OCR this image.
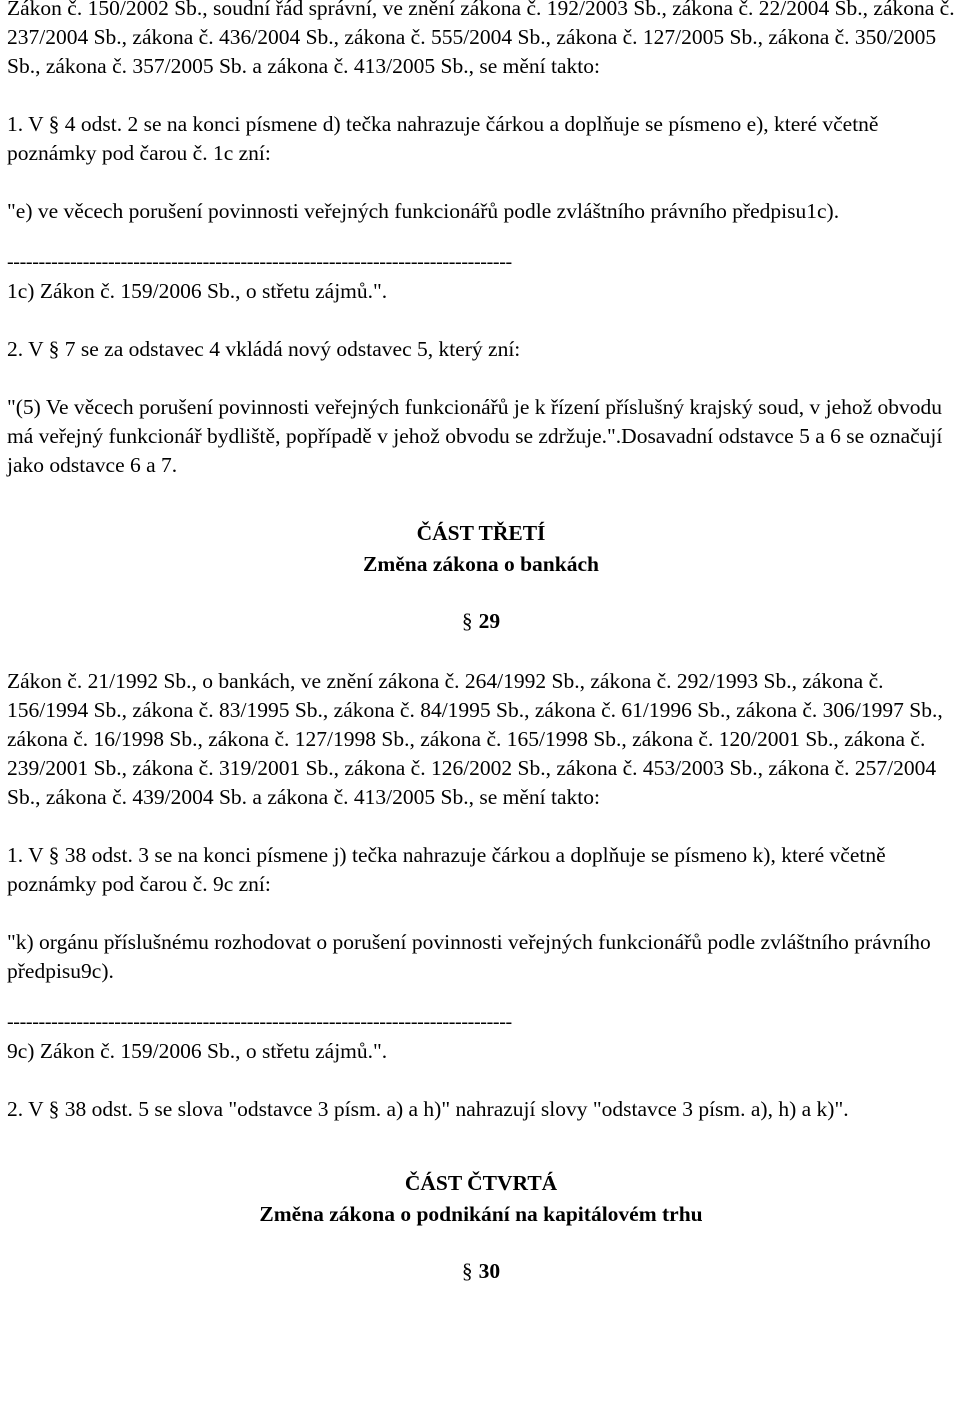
Zákon č. 150/2002 Sb., soudní řád správní, ve znění zákona č. 192/2003 Sb., zákona č. 22/2004 Sb., zákona č. 237/2004 Sb., zákona č. 436/2004 Sb., zákona č. 555/2004 Sb., zákona č. 127/2005 Sb., zákona č. 350/2005 Sb., zákona č. 357/2005 Sb. a zákona č. 413/2005 Sb., se mění takto:

1. V § 4 odst. 2 se na konci písmene d) tečka nahrazuje čárkou a doplňuje se písmeno e), které včetně poznámky pod čarou č. 1c zní:

"e) ve věcech porušení povinnosti veřejných funkcionářů podle zvláštního právního předpisu1c).

--------------------------------------------------------------------------------

1c) Zákon č. 159/2006 Sb., o střetu zájmů.".

2. V § 7 se za odstavec 4 vkládá nový odstavec 5, který zní:

"(5) Ve věcech porušení povinnosti veřejných funkcionářů je k řízení příslušný krajský soud, v jehož obvodu má veřejný funkcionář bydliště, popřípadě v jehož obvodu se zdržuje.".Dosavadní odstavce 5 a 6 se označují jako odstavce 6 a 7.

ČÁST TŘETÍ

Změna zákona o bankách

§ 29

Zákon č. 21/1992 Sb., o bankách, ve znění zákona č. 264/1992 Sb., zákona č. 292/1993 Sb., zákona č. 156/1994 Sb., zákona č. 83/1995 Sb., zákona č. 84/1995 Sb., zákona č. 61/1996 Sb., zákona č. 306/1997 Sb., zákona č. 16/1998 Sb., zákona č. 127/1998 Sb., zákona č. 165/1998 Sb., zákona č. 120/2001 Sb., zákona č. 239/2001 Sb., zákona č. 319/2001 Sb., zákona č. 126/2002 Sb., zákona č. 453/2003 Sb., zákona č. 257/2004 Sb., zákona č. 439/2004 Sb. a zákona č. 413/2005 Sb., se mění takto:

1. V § 38 odst. 3 se na konci písmene j) tečka nahrazuje čárkou a doplňuje se písmeno k), které včetně poznámky pod čarou č. 9c zní:

"k) orgánu příslušnému rozhodovat o porušení povinnosti veřejných funkcionářů podle zvláštního právního předpisu9c).

--------------------------------------------------------------------------------

9c) Zákon č. 159/2006 Sb., o střetu zájmů.".

2. V § 38 odst. 5 se slova "odstavce 3 písm. a) a h)" nahrazují slovy "odstavce 3 písm. a), h) a k)".

ČÁST ČTVRTÁ

Změna zákona o podnikání na kapitálovém trhu

§ 30
